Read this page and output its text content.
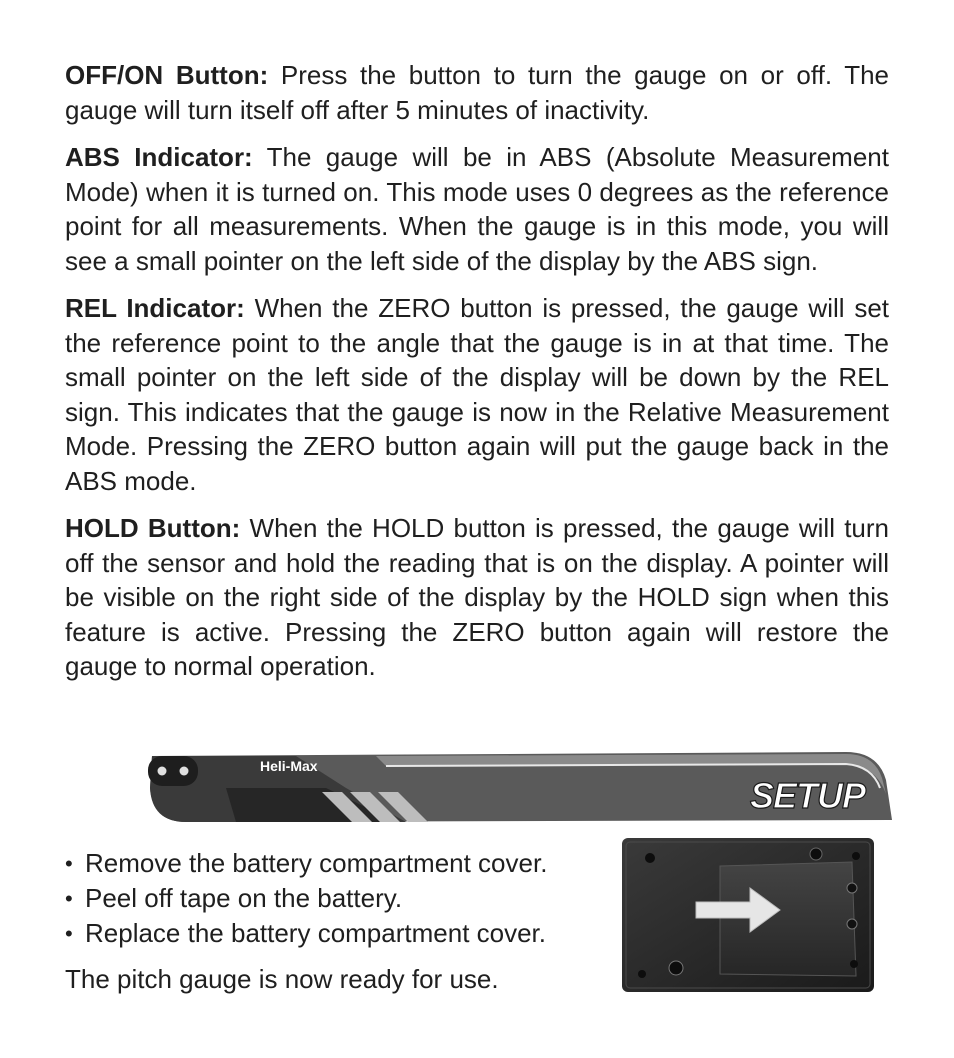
OFF/ON Button: Press the button to turn the gauge on or off. The gauge will turn itself off after 5 minutes of inactivity.

ABS Indicator: The gauge will be in ABS (Absolute Measurement Mode) when it is turned on. This mode uses 0 degrees as the reference point for all measurements. When the gauge is in this mode, you will see a small pointer on the left side of the display by the ABS sign.

REL Indicator: When the ZERO button is pressed, the gauge will set the reference point to the angle that the gauge is in at that time. The small pointer on the left side of the display will be down by the REL sign. This indicates that the gauge is now in the Relative Measurement Mode. Pressing the ZERO button again will put the gauge back in the ABS mode.

HOLD Button: When the HOLD button is pressed, the gauge will turn off the sensor and hold the reading that is on the display. A pointer will be visible on the right side of the display by the HOLD sign when this feature is active. Pressing the ZERO button again will restore the gauge to normal operation.

Heli-Max
SETUP
• Remove the battery compartment cover.
• Peel off tape on the battery.
• Replace the battery compartment cover.

The pitch gauge is now ready for use.
